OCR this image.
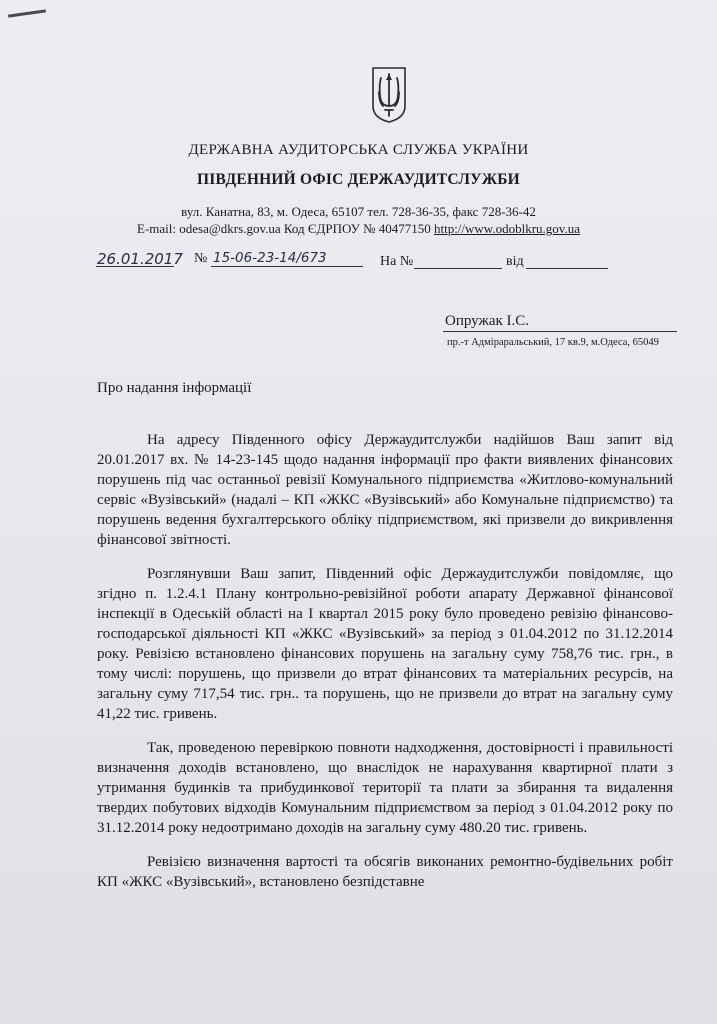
ДЕРЖАВНА АУДИТОРСЬКА СЛУЖБА УКРАЇНИ
ПІВДЕННИЙ ОФІС ДЕРЖАУДИТСЛУЖБИ
вул. Канатна, 83, м. Одеса, 65107 тел. 728-36-35, факс 728-36-42
E-mail: odesa@dkrs.gov.ua Код ЄДРПОУ № 40477150 http://www.odoblkru.gov.ua
26.01.2017 № 15-06-23-14/673	На №	від
Опружак І.С.
пр.-т Адміраральський, 17 кв.9, м.Одеса, 65049
Про надання інформації

На адресу Південного офісу Держаудитслужби надійшов Ваш запит від 20.01.2017 вх. № 14-23-145 щодо надання інформації про факти виявлених фінансових порушень під час останньої ревізії Комунального підприємства «Житлово-комунальний сервіс «Вузівський» (надалі – КП «ЖКС «Вузівський» або Комунальне підприємство) та порушень ведення бухгалтерського обліку підприємством, які призвели до викривлення фінансової звітності.

Розглянувши Ваш запит, Південний офіс Держаудитслужби повідомляє, що згідно п. 1.2.4.1 Плану контрольно-ревізійної роботи апарату Державної фінансової інспекції в Одеській області на І квартал 2015 року було проведено ревізію фінансово-господарської діяльності КП «ЖКС «Вузівський» за період з 01.04.2012 по 31.12.2014 року. Ревізією встановлено фінансових порушень на загальну суму 758,76 тис. грн., в тому числі: порушень, що призвели до втрат фінансових та матеріальних ресурсів, на загальну суму 717,54 тис. грн.. та порушень, що не призвели до втрат на загальну суму 41,22 тис. гривень.

Так, проведеною перевіркою повноти надходження, достовірності і правильності визначення доходів встановлено, що внаслідок не нарахування квартирної плати з утримання будинків та прибудинкової території та плати за збирання та видалення твердих побутових відходів Комунальним підприємством за період з 01.04.2012 року по 31.12.2014 року недоотримано доходів на загальну суму 480.20 тис. гривень.

Ревізією визначення вартості та обсягів виконаних ремонтно-будівельних робіт КП «ЖКС «Вузівський», встановлено безпідставне
